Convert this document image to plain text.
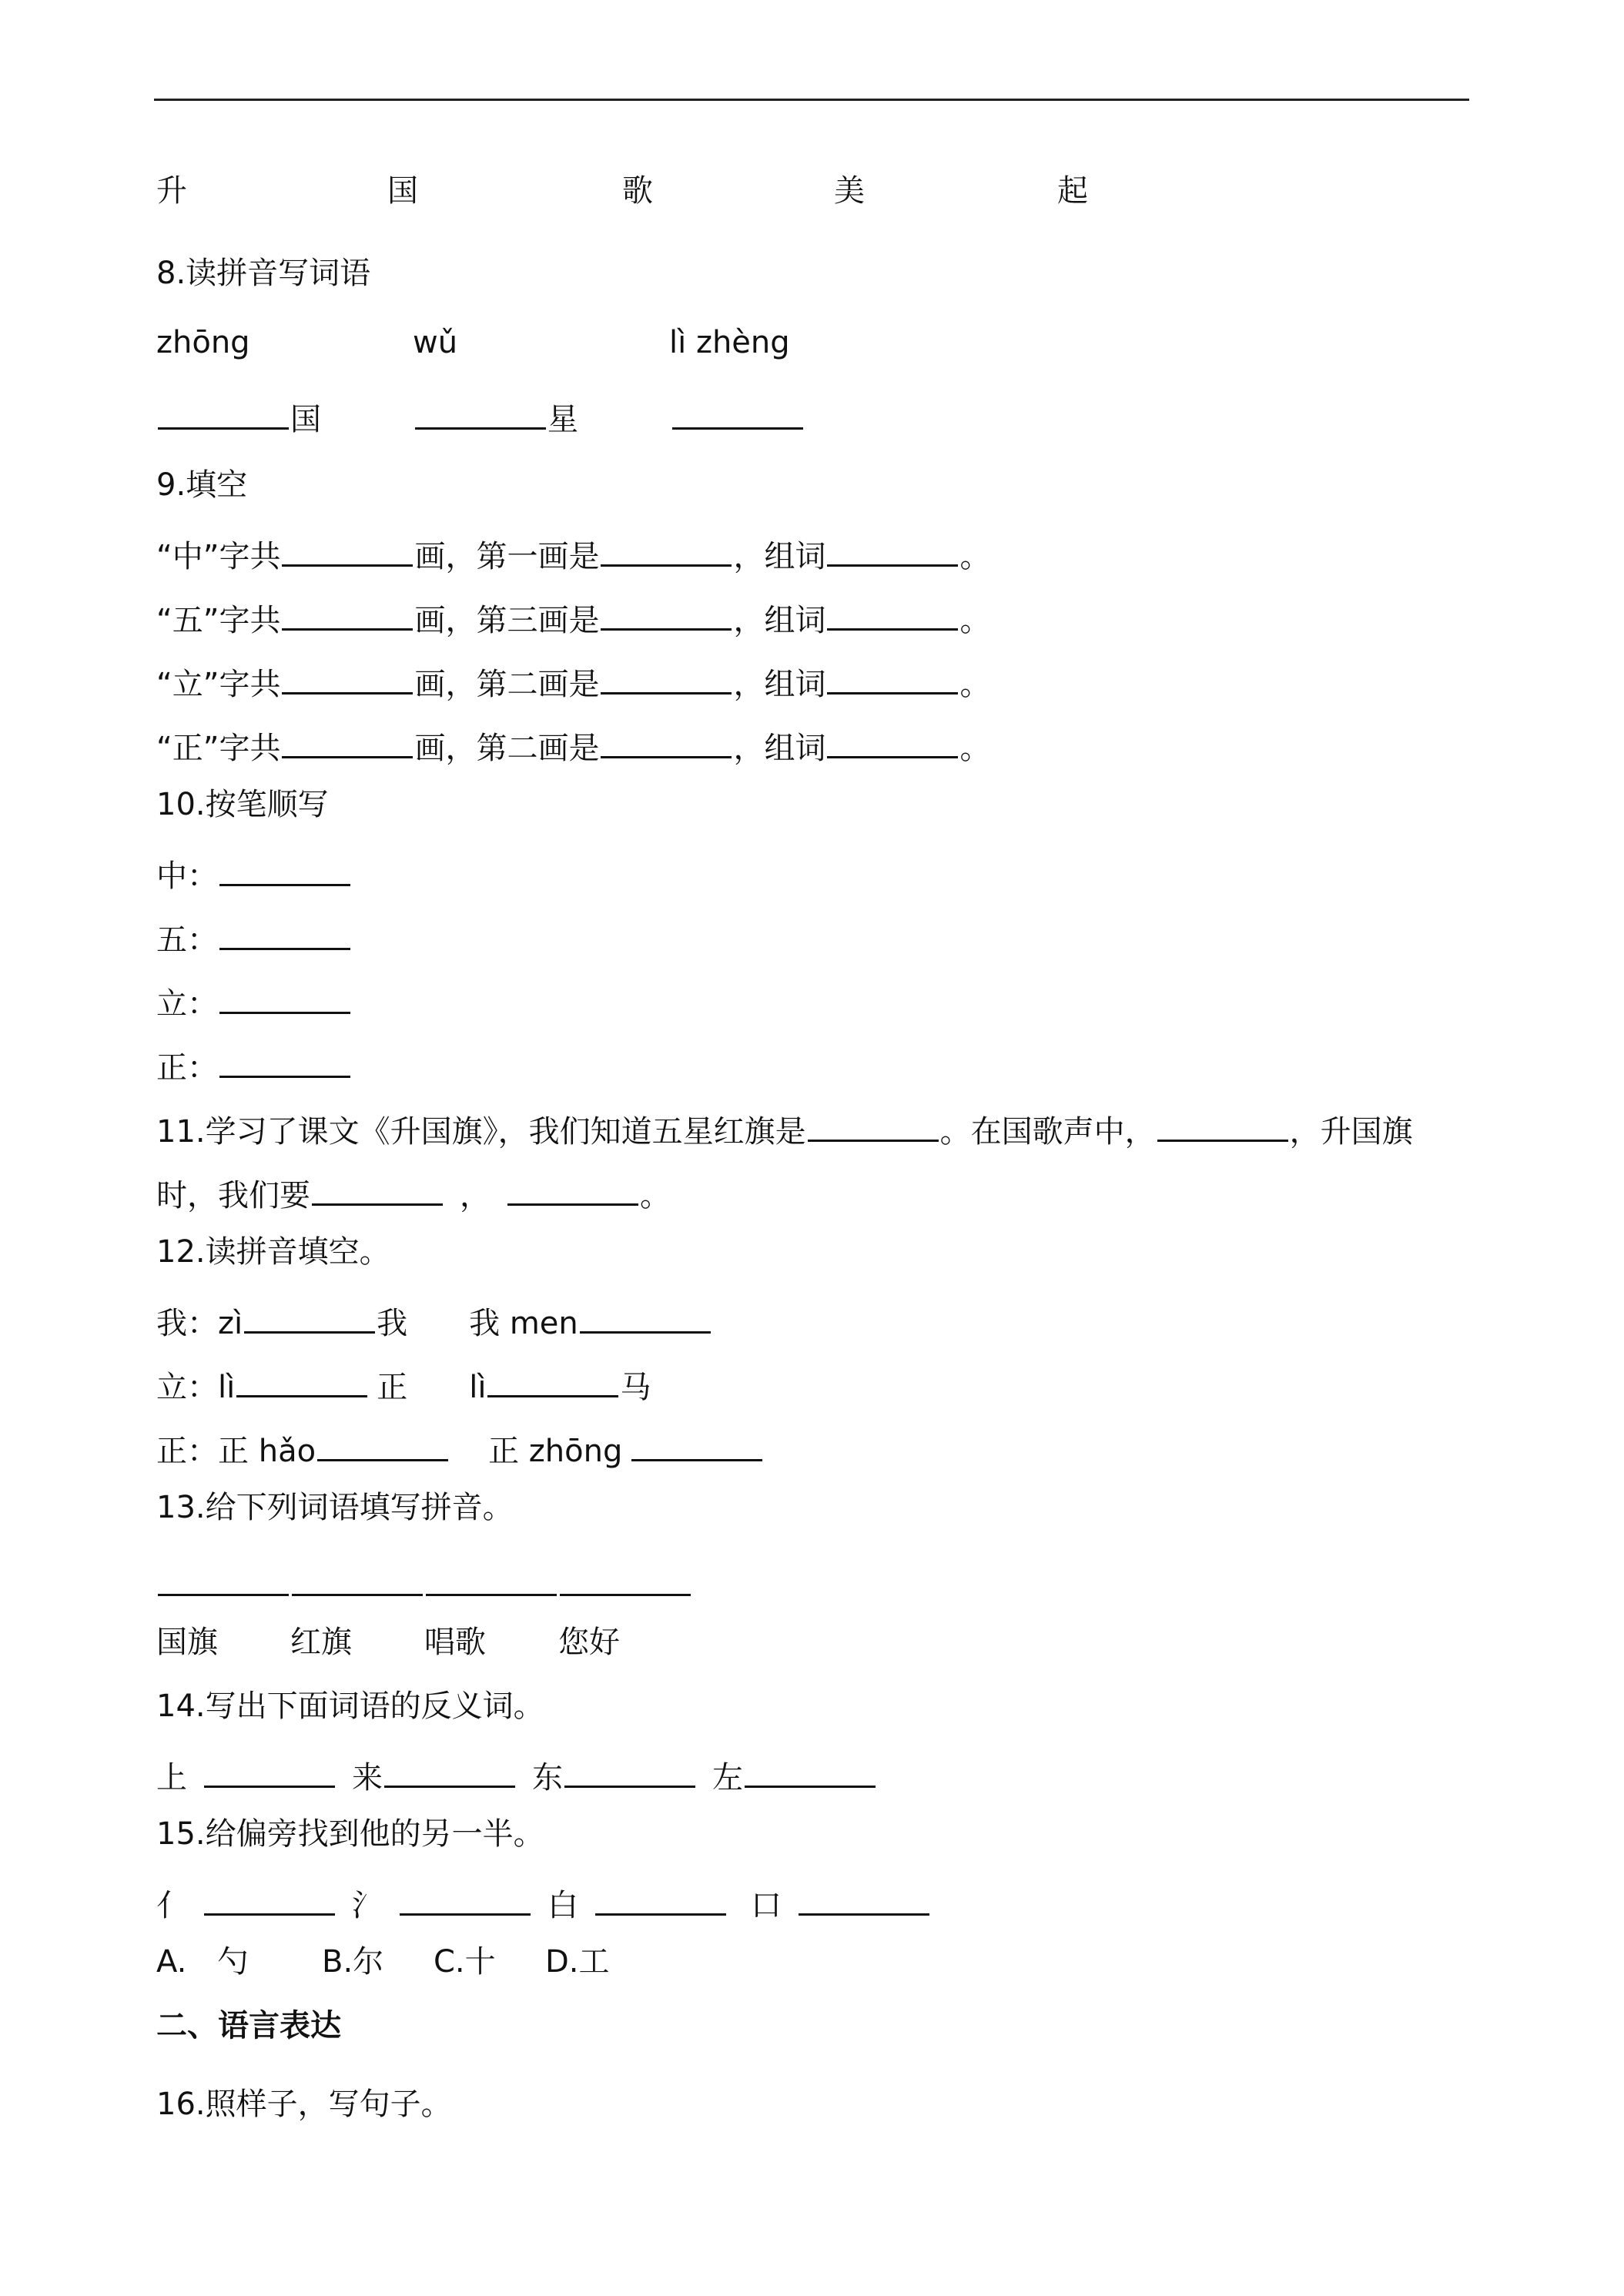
升	国	歌	美	起
8.读拼音写词语
zhōng	wǔ	lì zhèng
国	星
9.填空
“中”字共	画，第一画是	，组词	。
“五”字共	画，第三画是	，组词	。
“立”字共	画，第二画是	，组词	。
“正”字共	画，第二画是	，组词	。
10.按笔顺写
中：
五：
立：
正：
11.学习了课文《升国旗》，我们知道五星红旗是	。在国歌声中，	，升国旗
时，我们要	，	。
12.读拼音填空。
我：zì	我 我 men
立：lì	正 lì	马
正：正 hǎo	正 zhōng
13.给下列词语填写拼音。
国旗 红旗 唱歌 您好
14.写出下面词语的反义词。
上	来	东	左
15.给偏旁找到他的另一半。
亻	氵	白	口
A.　勺 B.尔 C.十 D.工
二、语言表达
16.照样子，写句子。
